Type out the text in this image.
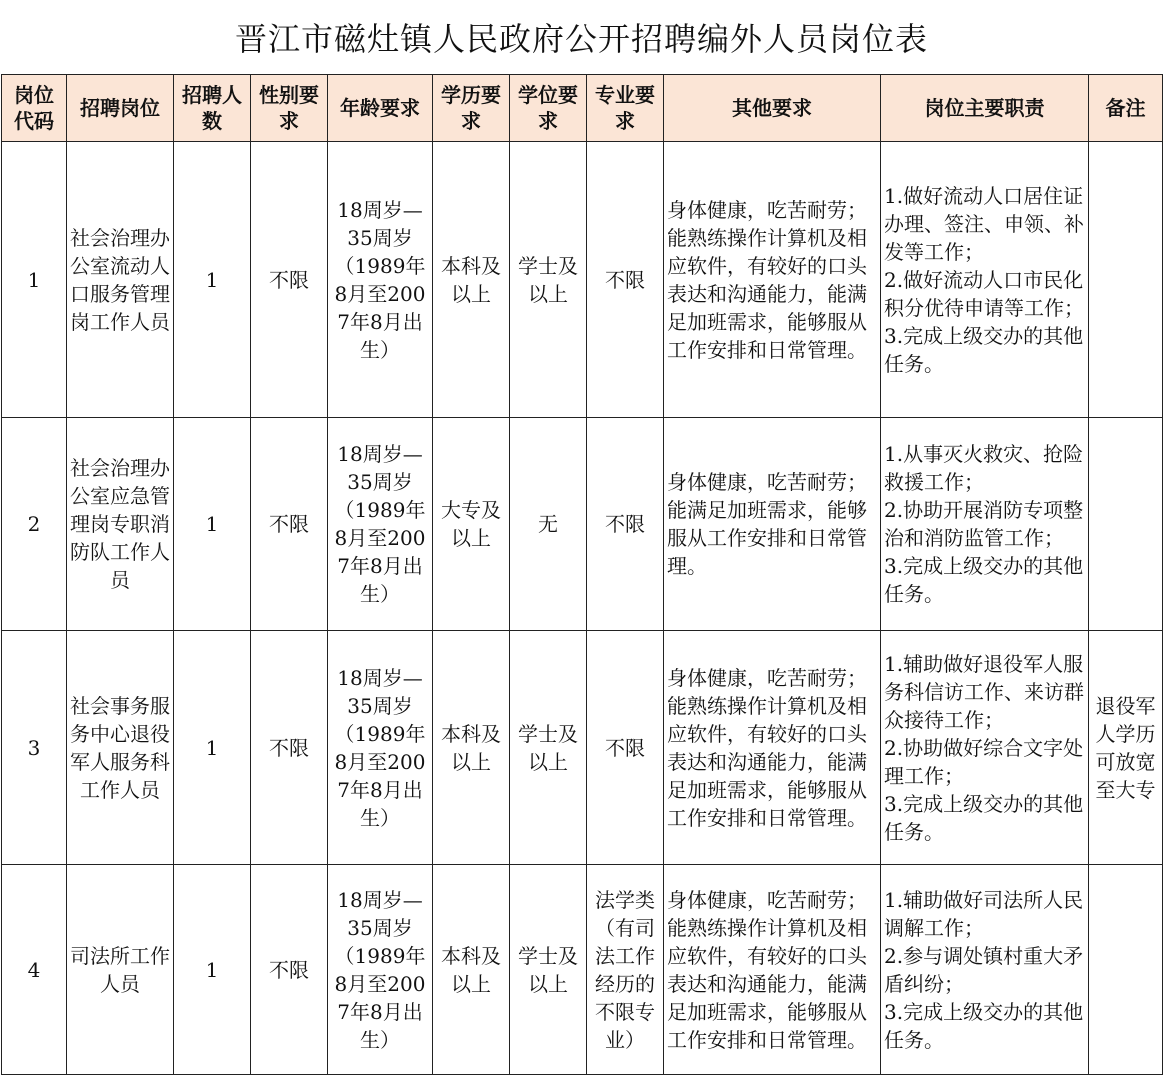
晋江市磁灶镇人民政府公开招聘编外人员岗位表
岗位代码	招聘岗位	招聘人数	性别要求	年龄要求	学历要求	学位要求	专业要求	其他要求	岗位主要职责	备注
1	社会治理办公室流动人口服务管理岗工作人员	1	不限	18周岁—35周岁（1989年8月至2007年8月出生）	本科及以上	学士及以上	不限	身体健康，吃苦耐劳；能熟练操作计算机及相应软件，有较好的口头表达和沟通能力，能满足加班需求，能够服从工作安排和日常管理。	1.做好流动人口居住证办理、签注、申领、补发等工作；
2.做好流动人口市民化积分优待申请等工作；
3.完成上级交办的其他任务。	
2	社会治理办公室应急管理岗专职消防队工作人员	1	不限	18周岁—35周岁（1989年8月至2007年8月出生）	大专及以上	无	不限	身体健康，吃苦耐劳；能满足加班需求，能够服从工作安排和日常管理。	1.从事灭火救灾、抢险救援工作；
2.协助开展消防专项整治和消防监管工作；
3.完成上级交办的其他任务。	
3	社会事务服务中心退役军人服务科工作人员	1	不限	18周岁—35周岁（1989年8月至2007年8月出生）	本科及以上	学士及以上	不限	身体健康，吃苦耐劳；能熟练操作计算机及相应软件，有较好的口头表达和沟通能力，能满足加班需求，能够服从工作安排和日常管理。	1.辅助做好退役军人服务科信访工作、来访群众接待工作；
2.协助做好综合文字处理工作；
3.完成上级交办的其他任务。	退役军人学历可放宽至大专
4	司法所工作人员	1	不限	18周岁—35周岁（1989年8月至2007年8月出生）	本科及以上	学士及以上	法学类（有司法工作经历的不限专业）	身体健康，吃苦耐劳；能熟练操作计算机及相应软件，有较好的口头表达和沟通能力，能满足加班需求，能够服从工作安排和日常管理。	1.辅助做好司法所人民调解工作；
2.参与调处镇村重大矛盾纠纷；
3.完成上级交办的其他任务。	
